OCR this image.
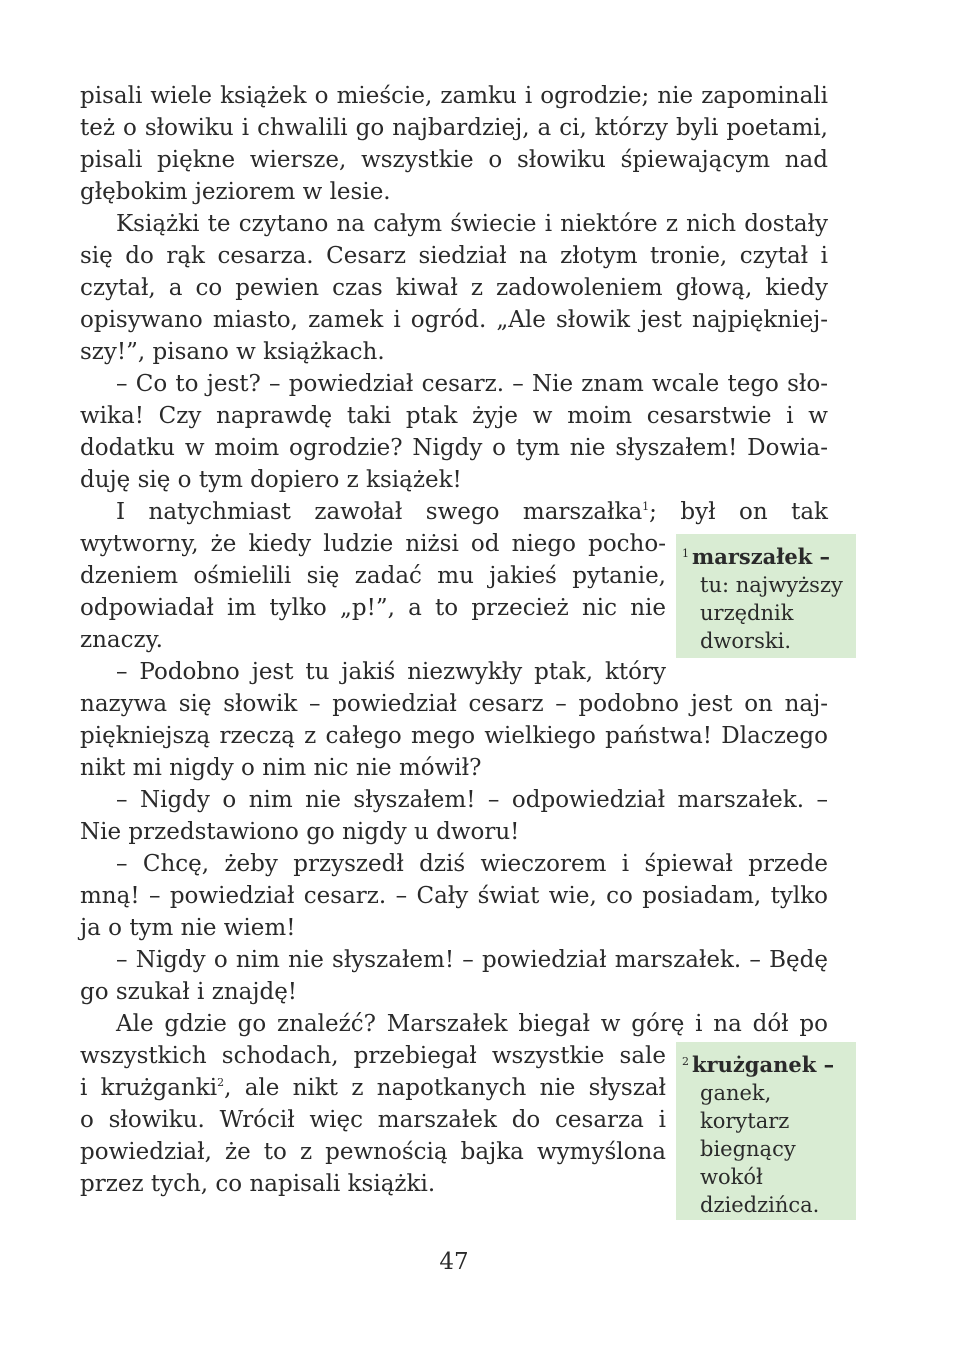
pisali wiele książek o mieście, zamku i ogrodzie; nie zapominali
też o słowiku i chwalili go najbardziej, a ci, którzy byli poetami,
pisali piękne wiersze, wszystkie o słowiku śpiewającym nad
głębokim jeziorem w lesie.
Książki te czytano na całym świecie i niektóre z nich dostały
się do rąk cesarza. Cesarz siedział na złotym tronie, czytał i
czytał, a co pewien czas kiwał z zadowoleniem głową, kiedy
opisywano miasto, zamek i ogród. „Ale słowik jest najpiękniej-
szy!”, pisano w książkach.
– Co to jest? – powiedział cesarz. – Nie znam wcale tego sło-
wika! Czy naprawdę taki ptak żyje w moim cesarstwie i w
dodatku w moim ogrodzie? Nigdy o tym nie słyszałem! Dowia-
duję się o tym dopiero z książek!
I natychmiast zawołał swego marszałka$^1$; był on tak
wytworny, że kiedy ludzie niżsi od niego pocho-
dzeniem ośmielili się zadać mu jakieś pytanie,
odpowiadał im tylko „p!”, a to przecież nic nie
znaczy.
– Podobno jest tu jakiś niezwykły ptak, który
nazywa się słowik – powiedział cesarz – podobno jest on naj-
piękniejszą rzeczą z całego mego wielkiego państwa! Dlaczego
nikt mi nigdy o nim nic nie mówił?
– Nigdy o nim nie słyszałem! – odpowiedział marszałek. –
Nie przedstawiono go nigdy u dworu!
– Chcę, żeby przyszedł dziś wieczorem i śpiewał przede
mną! – powiedział cesarz. – Cały świat wie, co posiadam, tylko
ja o tym nie wiem!
– Nigdy o nim nie słyszałem! – powiedział marszałek. – Będę
go szukał i znajdę!
Ale gdzie go znaleźć? Marszałek biegał w górę i na dół po
wszystkich schodach, przebiegał wszystkie sale
i krużganki$^2$, ale nikt z napotkanych nie słyszał
o słowiku. Wrócił więc marszałek do cesarza i
powiedział, że to z pewnością bajka wymyślona
przez tych, co napisali książki.
$^1$ marszałek –
tu: najwyższy
urzędnik
dworski.
$^2$ krużganek –
ganek,
korytarz
biegnący
wokół
dziedzińca.
47
